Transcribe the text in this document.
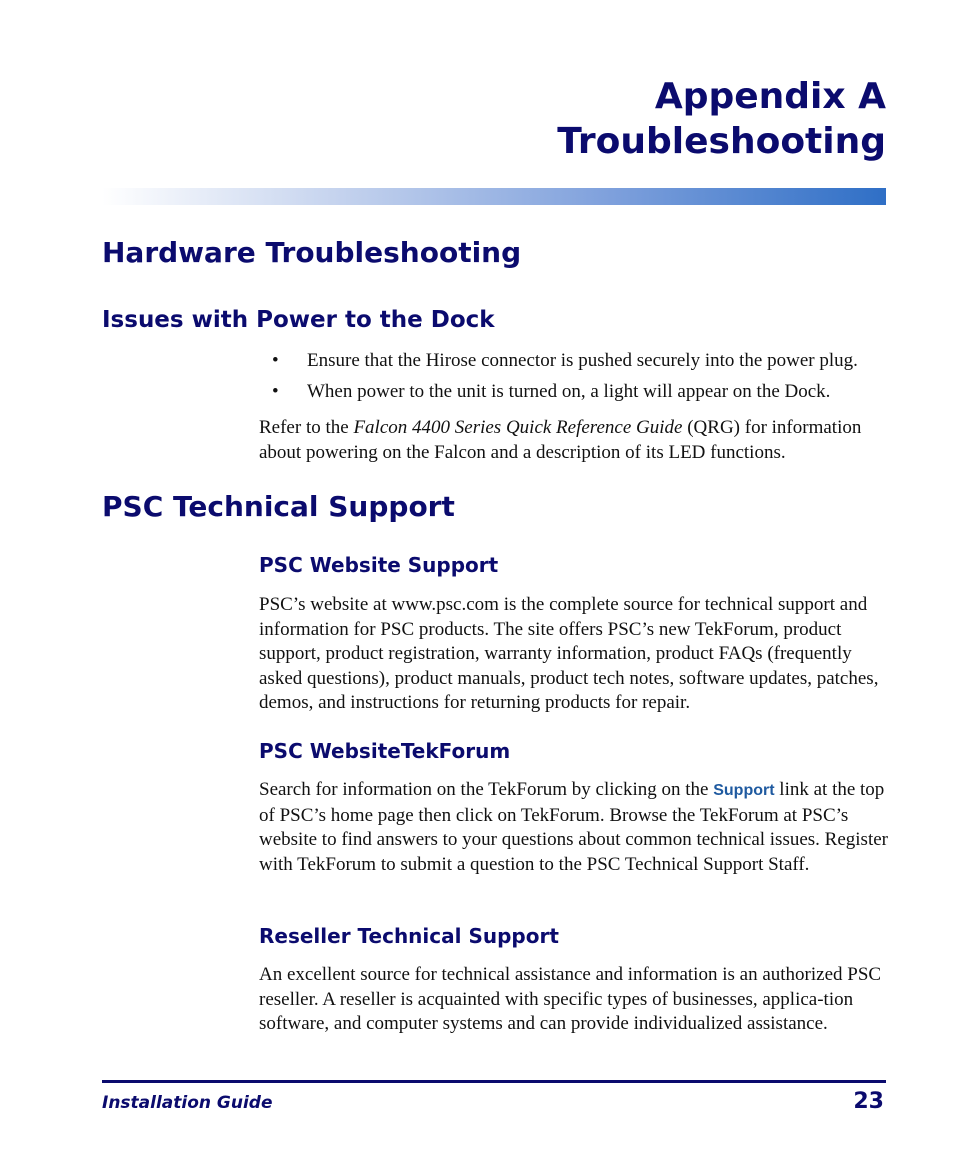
Appendix A
Troubleshooting
Hardware Troubleshooting
Issues with Power to the Dock
• Ensure that the Hirose connector is pushed securely into the power plug.
• When power to the unit is turned on, a light will appear on the Dock.

Refer to the Falcon 4400 Series Quick Reference Guide (QRG) for information about powering on the Falcon and a description of its LED functions.

PSC Technical Support
PSC Website Support

PSC’s website at www.psc.com is the complete source for technical support and information for PSC products. The site offers PSC’s new TekForum, product support, product registration, warranty information, product FAQs (frequently asked questions), product manuals, product tech notes, software updates, patches, demos, and instructions for returning products for repair.

PSC WebsiteTekForum

Search for information on the TekForum by clicking on the Support link at the top of PSC’s home page then click on TekForum. Browse the TekForum at PSC’s website to find answers to your questions about common technical issues. Register with TekForum to submit a question to the PSC Technical Support Staff.

Reseller Technical Support

An excellent source for technical assistance and information is an authorized PSC reseller. A reseller is acquainted with specific types of businesses, applica-tion software, and computer systems and can provide individualized assistance.

Installation Guide	23
